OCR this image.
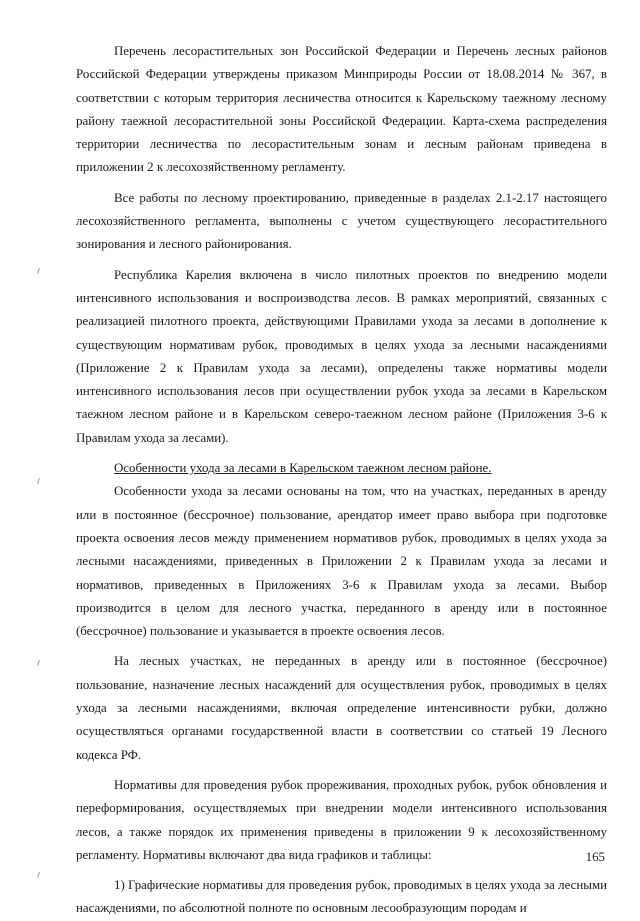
Перечень лесорастительных зон Российской Федерации и Перечень лесных районов Российской Федерации утверждены приказом Минприроды России от 18.08.2014 № 367, в соответствии с которым территория лесничества относится к Карельскому таежному лесному району таежной лесорастительной зоны Российской Федерации. Карта-схема распределения территории лесничества по лесорастительным зонам и лесным районам приведена в приложении 2 к лесохозяйственному регламенту.

Все работы по лесному проектированию, приведенные в разделах 2.1-2.17 настоящего лесохозяйственного регламента, выполнены с учетом существующего лесорастительного зонирования и лесного районирования.

Республика Карелия включена в число пилотных проектов по внедрению модели интенсивного использования и воспроизводства лесов. В рамках мероприятий, связанных с реализацией пилотного проекта, действующими Правилами ухода за лесами в дополнение к существующим нормативам рубок, проводимых в целях ухода за лесными насаждениями (Приложение 2 к Правилам ухода за лесами), определены также нормативы модели интенсивного использования лесов при осуществлении рубок ухода за лесами в Карельском таежном лесном районе и в Карельском северо-таежном лесном районе (Приложения 3-6 к Правилам ухода за лесами).

Особенности ухода за лесами в Карельском таежном лесном районе.

Особенности ухода за лесами основаны на том, что на участках, переданных в аренду или в постоянное (бессрочное) пользование, арендатор имеет право выбора при подготовке проекта освоения лесов между применением нормативов рубок, проводимых в целях ухода за лесными насаждениями, приведенных в Приложении 2 к Правилам ухода за лесами и нормативов, приведенных в Приложениях 3-6 к Правилам ухода за лесами. Выбор производится в целом для лесного участка, переданного в аренду или в постоянное (бессрочное) пользование и указывается в проекте освоения лесов.

На лесных участках, не переданных в аренду или в постоянное (бессрочное) пользование, назначение лесных насаждений для осуществления рубок, проводимых в целях ухода за лесными насаждениями, включая определение интенсивности рубки, должно осуществляться органами государственной власти в соответствии со статьей 19 Лесного кодекса РФ.

Нормативы для проведения рубок прореживания, проходных рубок, рубок обновления и переформирования, осуществляемых при внедрении модели интенсивного использования лесов, а также порядок их применения приведены в приложении 9 к лесохозяйственному регламенту. Нормативы включают два вида графиков и таблицы:

1) Графические нормативы для проведения рубок, проводимых в целях ухода за лесными насаждениями, по абсолютной полноте по основным лесообразующим породам и

165
